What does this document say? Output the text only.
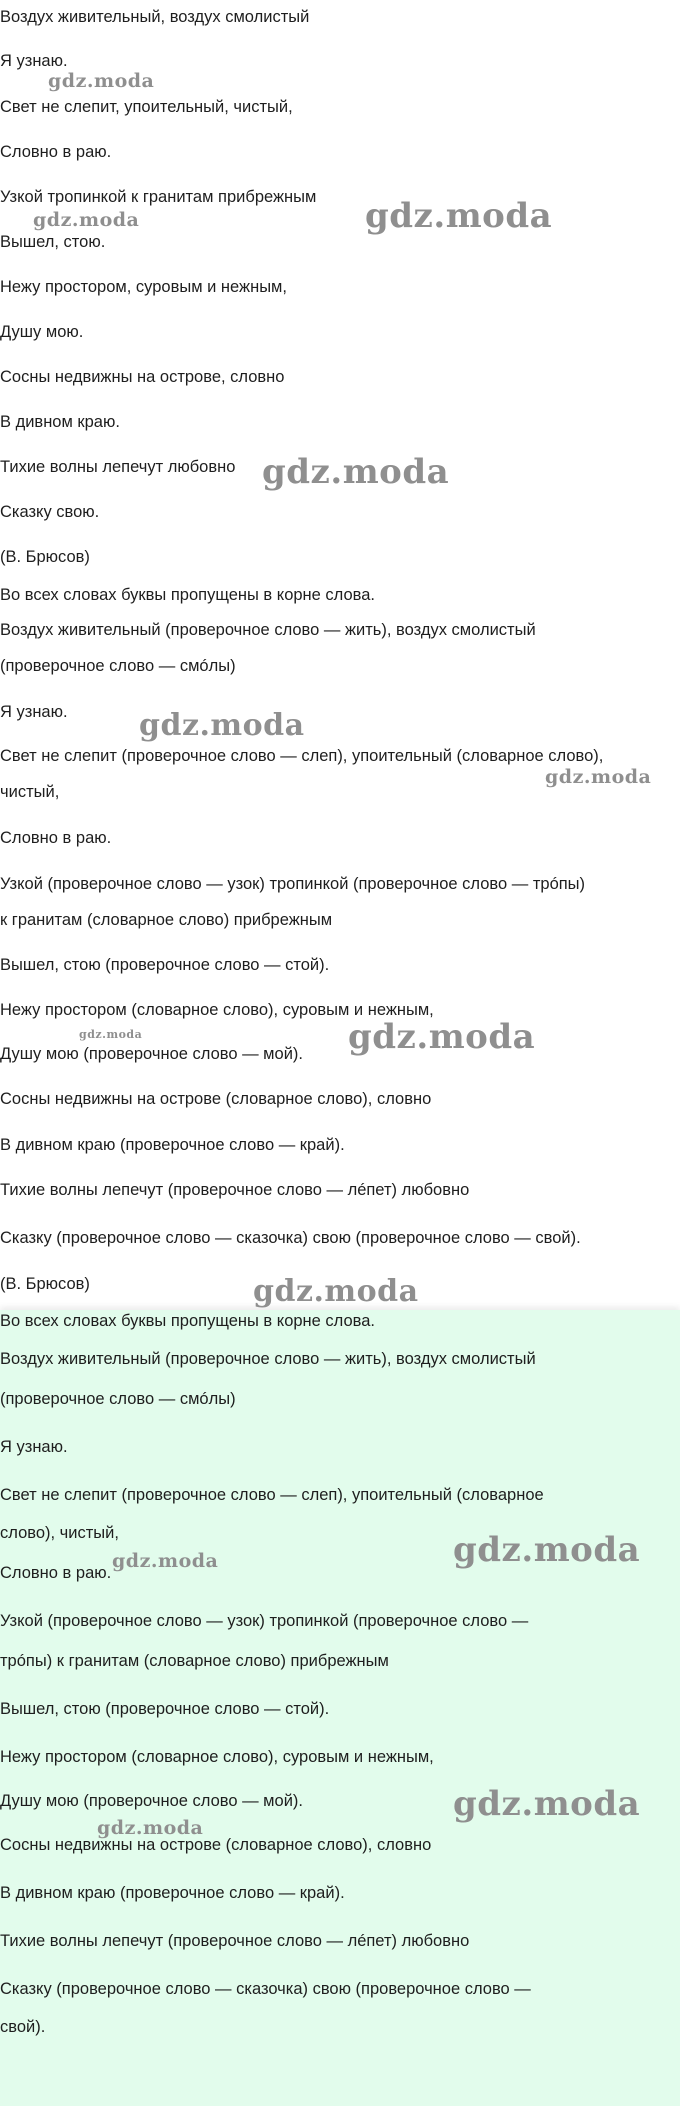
Воздух живительный, воздух смолистый
Я узнаю.
Свет не слепит, упоительный, чистый,
Словно в раю.
Узкой тропинкой к гранитам прибрежным
Вышел, стою.
Нежу простором, суровым и нежным,
Душу мою.
Сосны недвижны на острове, словно
В дивном краю.
Тихие волны лепечут любовно
Сказку свою.
(В. Брюсов)
Во всех словах буквы пропущены в корне слова.
Воздух живительный (проверочное слово — жить), воздух смолистый
(проверочное слово — смóлы)
Я узнаю.
Свет не слепит (проверочное слово — слеп), упоительный (словарное слово),
чистый,
Словно в раю.
Узкой (проверочное слово — узок) тропинкой (проверочное слово — трóпы)
к гранитам (словарное слово) прибрежным
Вышел, стою (проверочное слово — стой).
Нежу простором (словарное слово), суровым и нежным,
Душу мою (проверочное слово — мой).
Сосны недвижны на острове (словарное слово), словно
В дивном краю (проверочное слово — край).
Тихие волны лепечут (проверочное слово — лéпет) любовно
Сказку (проверочное слово — сказочка) свою (проверочное слово — свой).
(В. Брюсов)
Во всех словах буквы пропущены в корне слова.
Воздух живительный (проверочное слово — жить), воздух смолистый
(проверочное слово — смóлы)
Я узнаю.
Свет не слепит (проверочное слово — слеп), упоительный (словарное
слово), чистый,
Словно в раю.
Узкой (проверочное слово — узок) тропинкой (проверочное слово —
трóпы) к гранитам (словарное слово) прибрежным
Вышел, стою (проверочное слово — стой).
Нежу простором (словарное слово), суровым и нежным,
Душу мою (проверочное слово — мой).
Сосны недвижны на острове (словарное слово), словно
В дивном краю (проверочное слово — край).
Тихие волны лепечут (проверочное слово — лéпет) любовно
Сказку (проверочное слово — сказочка) свою (проверочное слово —
свой).
gdz.moda
gdz.moda	gdz.moda
gdz.moda
gdz.moda
gdz.moda
gdz.moda	gdz.moda
gdz.moda
gdz.moda
gdz.moda
gdz.moda
gdz.moda
